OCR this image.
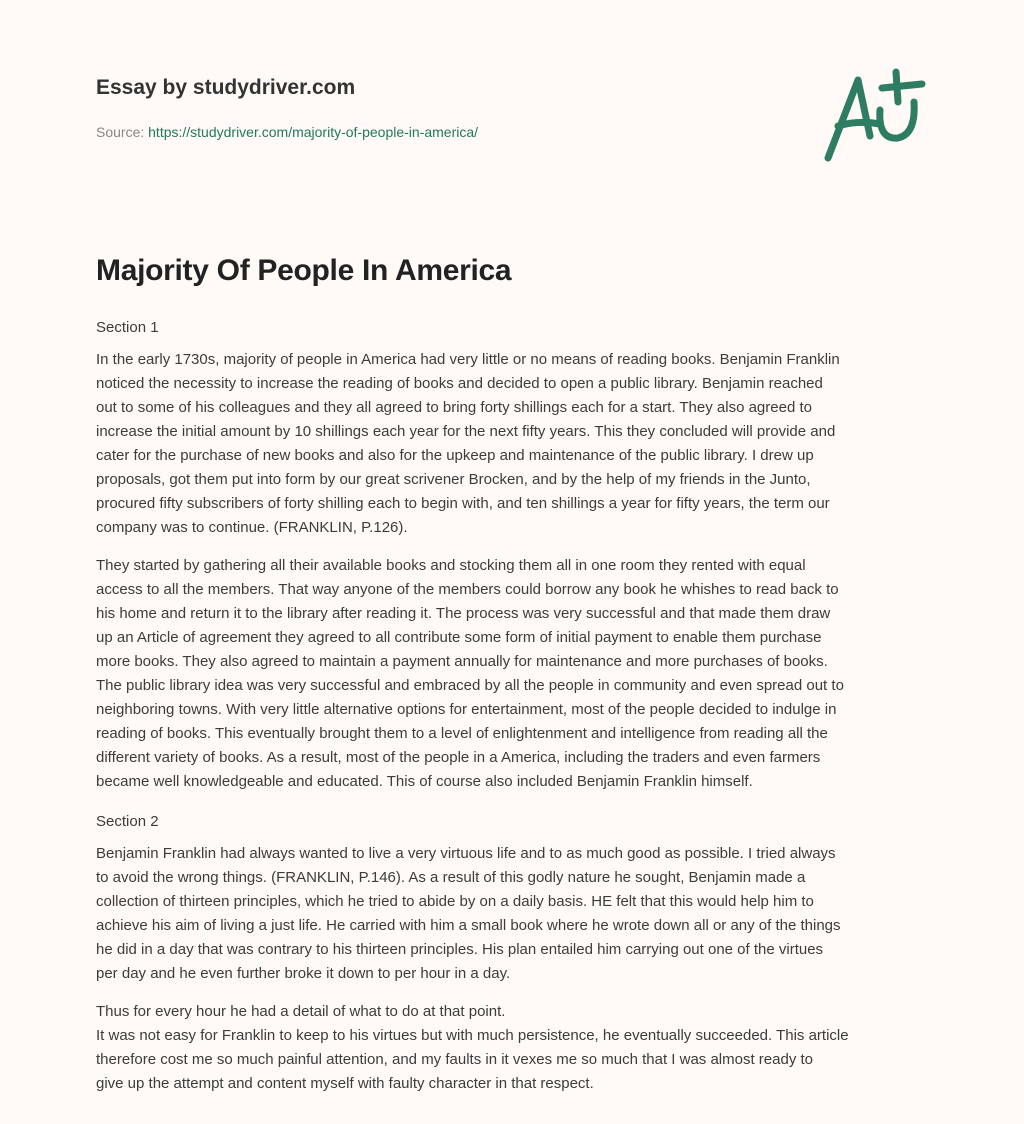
Essay by studydriver.com
Source: https://studydriver.com/majority-of-people-in-america/
Majority Of People In America

Section 1

In the early 1730s, majority of people in America had very little or no means of reading books. Benjamin Franklin
noticed the necessity to increase the reading of books and decided to open a public library. Benjamin reached
out to some of his colleagues and they all agreed to bring forty shillings each for a start. They also agreed to
increase the initial amount by 10 shillings each year for the next fifty years. This they concluded will provide and
cater for the purchase of new books and also for the upkeep and maintenance of the public library. I drew up
proposals, got them put into form by our great scrivener Brocken, and by the help of my friends in the Junto,
procured fifty subscribers of forty shilling each to begin with, and ten shillings a year for fifty years, the term our
company was to continue. (FRANKLIN, P.126).

They started by gathering all their available books and stocking them all in one room they rented with equal
access to all the members. That way anyone of the members could borrow any book he whishes to read back to
his home and return it to the library after reading it. The process was very successful and that made them draw
up an Article of agreement they agreed to all contribute some form of initial payment to enable them purchase
more books. They also agreed to maintain a payment annually for maintenance and more purchases of books.
The public library idea was very successful and embraced by all the people in community and even spread out to
neighboring towns. With very little alternative options for entertainment, most of the people decided to indulge in
reading of books. This eventually brought them to a level of enlightenment and intelligence from reading all the
different variety of books. As a result, most of the people in a America, including the traders and even farmers
became well knowledgeable and educated. This of course also included Benjamin Franklin himself.

Section 2

Benjamin Franklin had always wanted to live a very virtuous life and to as much good as possible. I tried always
to avoid the wrong things. (FRANKLIN, P.146). As a result of this godly nature he sought, Benjamin made a
collection of thirteen principles, which he tried to abide by on a daily basis. HE felt that this would help him to
achieve his aim of living a just life. He carried with him a small book where he wrote down all or any of the things
he did in a day that was contrary to his thirteen principles. His plan entailed him carrying out one of the virtues
per day and he even further broke it down to per hour in a day.

Thus for every hour he had a detail of what to do at that point.
It was not easy for Franklin to keep to his virtues but with much persistence, he eventually succeeded. This article
therefore cost me so much painful attention, and my faults in it vexes me so much that I was almost ready to
give up the attempt and content myself with faulty character in that respect.
